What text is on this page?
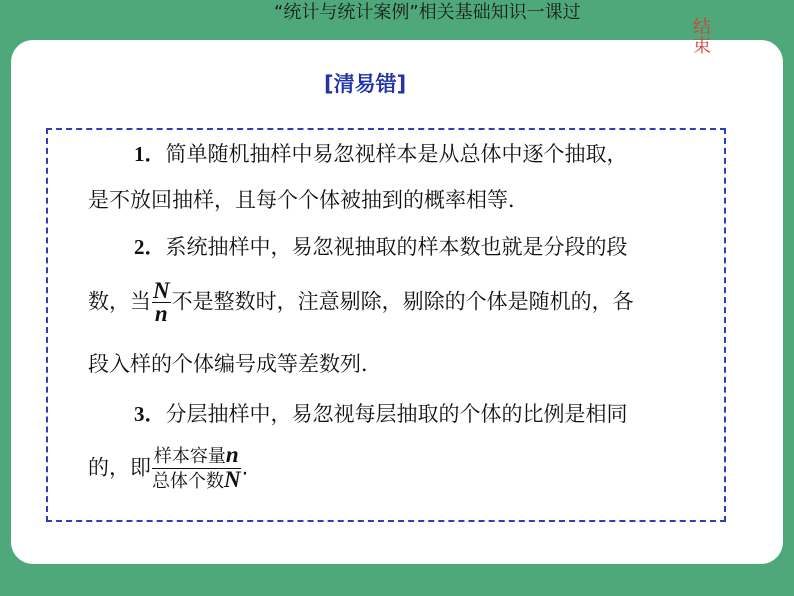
“统计与统计案例”相关基础知识一课过
结束
[清易错]
1．简单随机抽样中易忽视样本是从总体中逐个抽取，
是不放回抽样，且每个个体被抽到的概率相等．
2．系统抽样中，易忽视抽取的样本数也就是分段的段
数，当 $\frac{N}{n}$ 不是整数时，注意剔除，剔除的个体是随机的，各
段入样的个体编号成等差数列．
3．分层抽样中，易忽视每层抽取的个体的比例是相同
的，即 $\frac{\text{样本容量n}}{\text{总体个数N}}$ .
